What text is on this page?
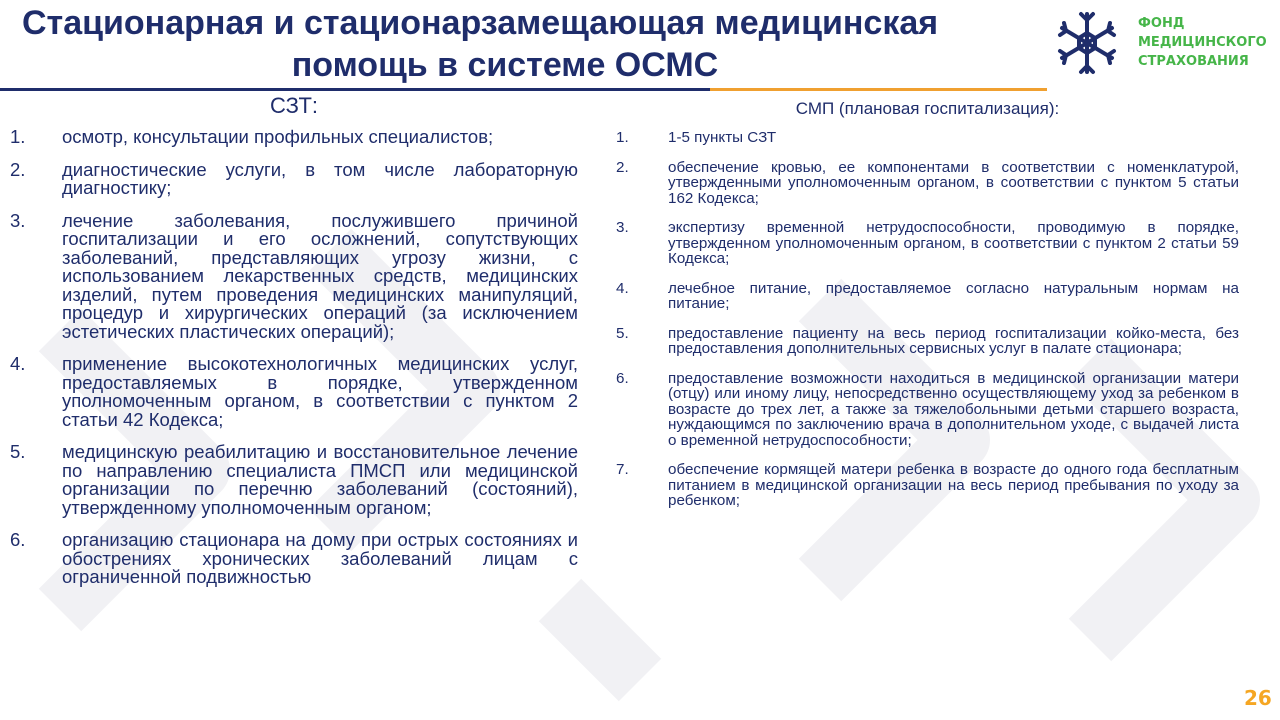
Стационарная и стационарзамещающая медицинская
помощь в системе ОСМС
ФОНД
МЕДИЦИНСКОГО
СТРАХОВАНИЯ
СЗТ:
1.	осмотр, консультации профильных специалистов;
2.	диагностические услуги, в том числе лабораторную диагностику;
3.	лечение заболевания, послужившего причиной госпитализации и его осложнений, сопутствующих заболеваний, представляющих угрозу жизни, с использованием лекарственных средств, медицинских изделий, путем проведения медицинских манипуляций, процедур и хирургических операций (за исключением эстетических пластических операций);
4.	применение высокотехнологичных медицинских услуг, предоставляемых в порядке, утвержденном уполномоченным органом, в соответствии с пунктом 2 статьи 42 Кодекса;
5.	медицинскую реабилитацию и восстановительное лечение по направлению специалиста ПМСП или медицинской организации по перечню заболеваний (состояний), утвержденному уполномоченным органом;
6.	организацию стационара на дому при острых состояниях и обострениях хронических заболеваний лицам с ограниченной подвижностью
СМП (плановая госпитализация):
1.	1-5 пункты СЗТ
2.	обеспечение кровью, ее компонентами в соответствии с номенклатурой, утвержденными уполномоченным органом, в соответствии с пунктом 5 статьи 162 Кодекса;
3.	экспертизу временной нетрудоспособности, проводимую в порядке, утвержденном уполномоченным органом, в соответствии с пунктом 2 статьи 59 Кодекса;
4.	лечебное питание, предоставляемое согласно натуральным нормам на питание;
5.	предоставление пациенту на весь период госпитализации койко-места, без предоставления дополнительных сервисных услуг в палате стационара;
6.	предоставление возможности находиться в медицинской организации матери (отцу) или иному лицу, непосредственно осуществляющему уход за ребенком в возрасте до трех лет, а также за тяжелобольными детьми старшего возраста, нуждающимся по заключению врача в дополнительном уходе, с выдачей листа о временной нетрудоспособности;
7.	обеспечение кормящей матери ребенка в возрасте до одного года бесплатным питанием в медицинской организации на весь период пребывания по уходу за ребенком;
26
